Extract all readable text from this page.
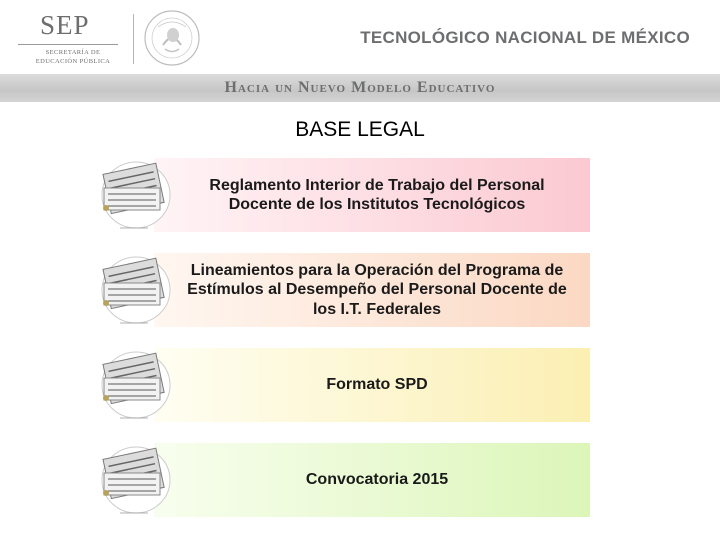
SEP
SECRETARÍA DE
EDUCACIÓN PÚBLICA
TECNOLÓGICO NACIONAL DE MÉXICO
Hacia un Nuevo Modelo Educativo
BASE LEGAL
Reglamento Interior de Trabajo del Personal Docente de los Institutos Tecnológicos
Lineamientos para la Operación del Programa de Estímulos al Desempeño del Personal Docente de los I.T. Federales
Formato SPD
Convocatoria 2015
